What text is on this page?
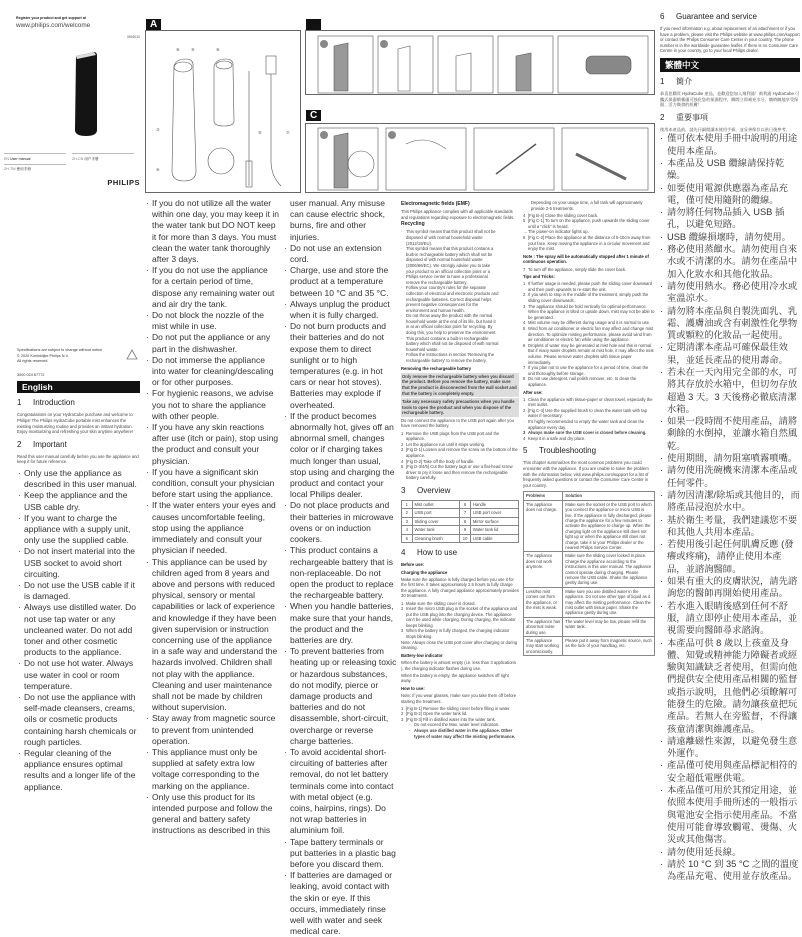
Register your product and get support at
www.philips.com/welcome
MS6010
EN User manual
ZH-TW 使用手冊
ZH-CN 用户手册
PHILIPS
A
⑧	⑨	⑧
③
④
⑩	⑦
B
C
Specifications are subject to change without notice
© 2020 Koninklijke Philips N.V.
All rights reserved.
3000 024 67772
English
1 Introduction
Congratulations on your HydraCube purchase and welcome to Philips! The Philips HydraCube portable mist enhances the existing moisturizing routine and provides an instant hydration. Enjoy moisturizing and refreshing your skin anytime anywhere!
2 Important
Read this user manual carefully before you use the appliance and keep it for future reference.
· Only use the appliance as described in this user manual.
· Keep the appliance and the USB cable dry.
· If you want to charge the appliance with a supply unit, only use the supplied cable.
· Do not insert material into the USB socket to avoid short circuiting.
· Do not use the USB cable if it is damaged.
· Always use distilled water. Do not use tap water or any uncleaned water. Do not add toner and other cosmetic products to the appliance.
· Do not use hot water. Always use water in cool or room temperature.
· Do not use the appliance with self-made cleansers, creams, oils or cosmetic products containing harsh chemicals or rough particles.
· Regular cleaning of the appliance ensures optimal results and a longer life of the appliance.
· If you do not utilize all the water within one day, you may keep it in the water tank but DO NOT keep it for more than 3 days. You must clean the water tank thoroughly after 3 days.
· If you do not use the appliance for a certain period of time, dispose any remaining water out and air dry the tank.
· Do not block the nozzle of the mist while in use.
· Do not put the appliance or any part in the dishwasher.
· Do not immerse the appliance into water for cleaning/descaling or for other purposes.
· For hygienic reasons, we advise you not to share the appliance with other people.
· If you have any skin reactions after use (itch or pain), stop using the product and consult your physician.
· If you have a significant skin condition, consult your physician before start using the appliance.
· If the water enters your eyes and causes uncomfortable feeling, stop using the appliance immediately and consult your physician if needed.
· This appliance can be used by children aged from 8 years and above and persons with reduced physical, sensory or mental capabilities or lack of experience and knowledge if they have been given supervision or instruction concerning use of the appliance in a safe way and understand the hazards involved. Children shall not play with the appliance. Cleaning and user maintenance shall not be made by children without supervision.
· Stay away from magnetic source to prevent from unintended operation.
· This appliance must only be supplied at safety extra low voltage corresponding to the marking on the appliance.
· Only use this product for its intended purpose and follow the general and battery safety instructions as described in this
user manual. Any misuse can cause electric shock, burns, fire and other injuries.
· Do not use an extension cord.
· Charge, use and store the product at a temperature between 10 °C and 35 °C.
· Always unplug the product when it is fully charged.
· Do not burn products and their batteries and do not expose them to direct sunlight or to high temperatures (e.g. in hot cars or near hot stoves). Batteries may explode if overheated.
· If the product becomes abnormally hot, gives off an abnormal smell, changes color or if charging takes much longer than usual, stop using and charging the product and contact your local Philips dealer.
· Do not place products and their batteries in microwave ovens or on induction cookers.
· This product contains a rechargeable battery that is non-replaceable. Do not open the product to replace the rechargeable battery.
· When you handle batteries, make sure that your hands, the product and the batteries are dry.
· To prevent batteries from heating up or releasing toxic or hazardous substances, do not modify, pierce or damage products and batteries and do not disassemble, short-circuit, overcharge or reverse charge batteries.
· To avoid accidental short-circuiting of batteries after removal, do not let battery terminals come into contact with metal object (e.g. coins, hairpins, rings). Do not wrap batteries in aluminium foil.
· Tape battery terminals or put batteries in a plastic bag before you discard them.
· If batteries are damaged or leaking, avoid contact with the skin or eye. If this occurs, immediately rinse well with water and seek medical care.

Electromagnetic fields (EMF)

This Philips appliance complies with all applicable standards and regulations regarding exposure to electromagnetic fields.

Recycling

· This symbol means that this product shall not be disposed of with normal household waste (2012/19/EU).
· This symbol means that this product contains a built-in rechargeable battery which shall not be disposed of with normal household waste (2006/66/EC). We strongly advise you to take your product to an official collection point or a Philips service center to have a professional remove the rechargeable battery.
· Follow your country's rules for the separate collection of electrical and electronic products and rechargeable batteries. Correct disposal helps prevent negative consequences for the environment and human health.
· Do not throw away the product with the normal household waste at the end of its life, but hand it in at an official collection point for recycling. By doing this, you help to preserve the environment.
· This product contains a built-in rechargeable battery which shall not be disposed of with normal household waste.
· Follow the instructions in section 'Removing the rechargeable battery' to remove the battery.

Removing the rechargeable battery

Only remove the rechargeable battery when you discard the product. Before you remove the battery, make sure that the product is disconnected from the wall socket and that the battery is completely empty.
Take any necessary safety precautions when you handle tools to open the product and when you dispose of the rechargeable battery.

Do not connect the appliance to the USB port again after you have removed the battery.

1 Remove the USB plugs from the USB port and the appliance.
2 Let the appliance run until it stops working.
3 [Fig D-1] Loosen and remove the screw on the bottom of the appliance.
4 [Fig D-2] Take off the body of handle.
5 [Fig D-3/4/5] Cut the battery tags or use a flat-head screw driver to pry it loose and then remove the rechargeable battery carefully.
3 Overview
1	Mist outlet	6	Handle
2	USB port	7	USB port cover
3	Sliding cover	8	Mirror surface
4	Water tank	9	Water tank lid
5	Cleaning brush	10	USB cable
4 How to use

Before use:

Charging the appliance

Make sure the appliance is fully charged before you use it for the first time. It takes approximately 2.5 hours to fully charge the appliance. A fully charged appliance approximately provides 30 treatments.

1 Make sure the sliding cover is closed.
2 Insert the micro USB plug in the socket of the appliance and put the USB plug into the charging device. The appliance can't be used while charging. During charging, the indicator keeps blinking.
3 When the battery is fully charged, the charging indicator stops blinking.

Note: Always close the USB port cover after charging or during cleaning.

Battery-low indicator

When the battery is almost empty (i.e. less than 3 applications ), the charging indicator flashes during use.

When the battery is empty, the appliance switches off right away.

How to use:

Note: If you wear glasses, make sure you take them off before starting the treatment.

1 [Fig B-1] Remove the sliding cover before filling in water.
2 [Fig B-2] Open the water tank lid.
3 [Fig B-3] Fill in distilled water into the water tank.
· Do not exceed the Max. water level indication.
· Always use distilled water in the appliance. Other types of water may affect the misting performance.

Depending on your usage time, a full tank will approximately provide 2-5 treatments.

4 [Fig B-4] Close the sliding cover back.
5 [Fig C-1] To turn on the appliance, push upwards the sliding cover until a "click" is heard.
→ The power-on indicator lights up.
6 [Fig C-2] Place the appliance at the distance of 5-10cm away from your face. Keep moving the appliance in a circular movement and enjoy the mist.

Note : The spray will be automatically stopped after 1 minute of continuous operation.

7 To turn off the appliance, simply slide the cover back.

Tips and Tricks:

1 If further usage is needed, please push the sliding cover downward and then push upwards to re-start the unit.
2 If you wish to stop in the middle of the treatment, simply push the sliding cover downwards.
3 The appliance should be hold vertically for optimal performance. When the appliance is tilted or upside down, mist may not be able to be generated.
4 Mist volume may be different during usage and it is normal to use.
5 Wind from air conditioner or electric fan may affect and change mist direction. To optimize misting performance, please avoid wind from air conditioner or electric fan while using the appliance.
6 Droplets of water may be generated at mist hole and this is normal. But if many water droplets remain at mist hole, it may affect the mist volume. Please remove water droplets with tissue paper immediately.
7 If you plan not to use the appliance for a period of time, clean the unit thoroughly before storage.
8 Do not use detergent, nail polish remover, etc. to clean the appliance.

After use:

1 Clean the appliance with tissue-paper or clean towel, especially the mist outlet.
2 [Fig C-3] Use the supplied brush to clean the water tank with tap water if necessary.
· It's highly recommended to empty the water tank and clean the appliance every day.
3 Always make sure the USB cover is closed before cleaning.
4 Keep it in a safe and dry place.
5 Troubleshooting

This chapter summarizes the most common problems you could encounter with the appliance. If you are unable to solve the problem with the information below, visit www.philips.com/support for a list of frequently asked questions or contact the Consumer Care Center in your country.

Problems	Solution
The appliance does not charge.	Make sure the socket or the USB port to which you connect the appliance or micro USB is live. If the appliance is fully discharged, please charge the appliance for a few minutes to activate the appliance to charge up. When the charging light on the appliance still does not light up or when the appliance still does not charge, take it to your Philips dealer or the nearest Philips Service Center.
The appliance does not work anymore.	Make sure the sliding cover locked in place. Charge the appliance according to the instructions in this user manual. The appliance cannot operate during charging. Please remove the USB cable. Shake the appliance gently during use.
Less/No mist comes out from the appliance, or the mist is weak.	Make sure you use distilled water in the appliance. Do not use other type of liquid as it may affect the misting performance. Clean the mist outlet with tissue paper. Shake the appliance gently during use.
The appliance has abnormal noise during use.	The water level may be low, please refill the water tank.
The appliance may start working unconsciously.	Please put it away from magnetic source, such as the lock of your handbag, etc.
6 Guarantee and service
If you need information e.g. about replacement of an attachment or if you have a problem, please visit the Philips website at www.philips.com/support or contact the Philips Consumer Care Center in your country. The phone number is in the worldwide guarantee leaflet. If there is no Consumer Care Centre in your country, go to your local Philips dealer.
繁體中文
1 簡介
恭喜您購買 HydraCube 產品，並歡迎您加入飛利浦！飛利浦 HydraCube 可攜式保濕噴霧儀可強化您的保濕程序，瞬間立即補充水分。隨時隨地享受保濕、活力煥發的肌膚！
2 重要事項
使用本產品前，請先仔細閱讀本使用手冊，並妥善保存以供日後參考。
· 僅可依本使用手冊中說明的用途使用本產品。
· 本產品及 USB 纜線請保持乾燥。
· 如要使用電源供應器為產品充電，僅可使用隨附的纜線。
· 請勿將任何物品插入 USB 插孔，以避免短路。
· USB 纜線損壞時，請勿使用。
· 務必使用蒸餾水。請勿使用自來水或不清潔的水。請勿在產品中加入化妝水和其他化妝品。
· 請勿使用熱水。務必使用冷水或室溫涼水。
· 請勿將本產品與自製洗面乳、乳霜、護膚油或含有刺激性化學物質或顆粒的化妝品一起使用。
· 定期清潔本產品可確保最佳效果，並延長產品的使用壽命。
· 若未在一天內用完全部的水，可將其存放於水箱中，但切勿存放超過 3 天。3 天後務必徹底清潔水箱。
· 如果一段時間不使用產品，請將剩餘的水倒掉，並讓水箱自然風乾。
· 使用期間，請勿阻塞噴霧噴嘴。
· 請勿使用洗碗機來清潔本產品或任何零件。
· 請勿因清潔/除垢或其他目的，而將產品浸泡於水中。
· 基於衛生考量，我們建議您不要和其他人共用本產品。
· 若使用後引起任何肌膚反應 (發癢或疼痛)，請停止使用本產品，並諮詢醫師。
· 如果有重大的皮膚狀況，請先諮詢您的醫師再開始使用產品。
· 若水進入眼睛後感到任何不舒服，請立即停止使用本產品，並視需要向醫師尋求諮詢。
· 本產品可供 8 歲以上孩童及身體、知覺或精神能力障礙者或經驗與知識缺乏者使用，但需向他們提供安全使用產品相關的監督或指示說明，且他們必須瞭解可能發生的危險。請勿讓孩童把玩產品。若無人在旁監督，不得讓孩童清潔與維護產品。
· 請遠離磁性來源，以避免發生意外運作。
· 產品僅可使用與產品標記相符的安全超低電壓供電。
· 本產品僅可用於其預定用途，並依照本使用手冊所述的一般指示與電池安全指示使用產品。不當使用可能會導致觸電、燙傷、火災或其他傷害。
· 請勿使用延長線。
· 請於 10 °C 到 35 °C 之間的溫度為產品充電、使用並存放產品。
